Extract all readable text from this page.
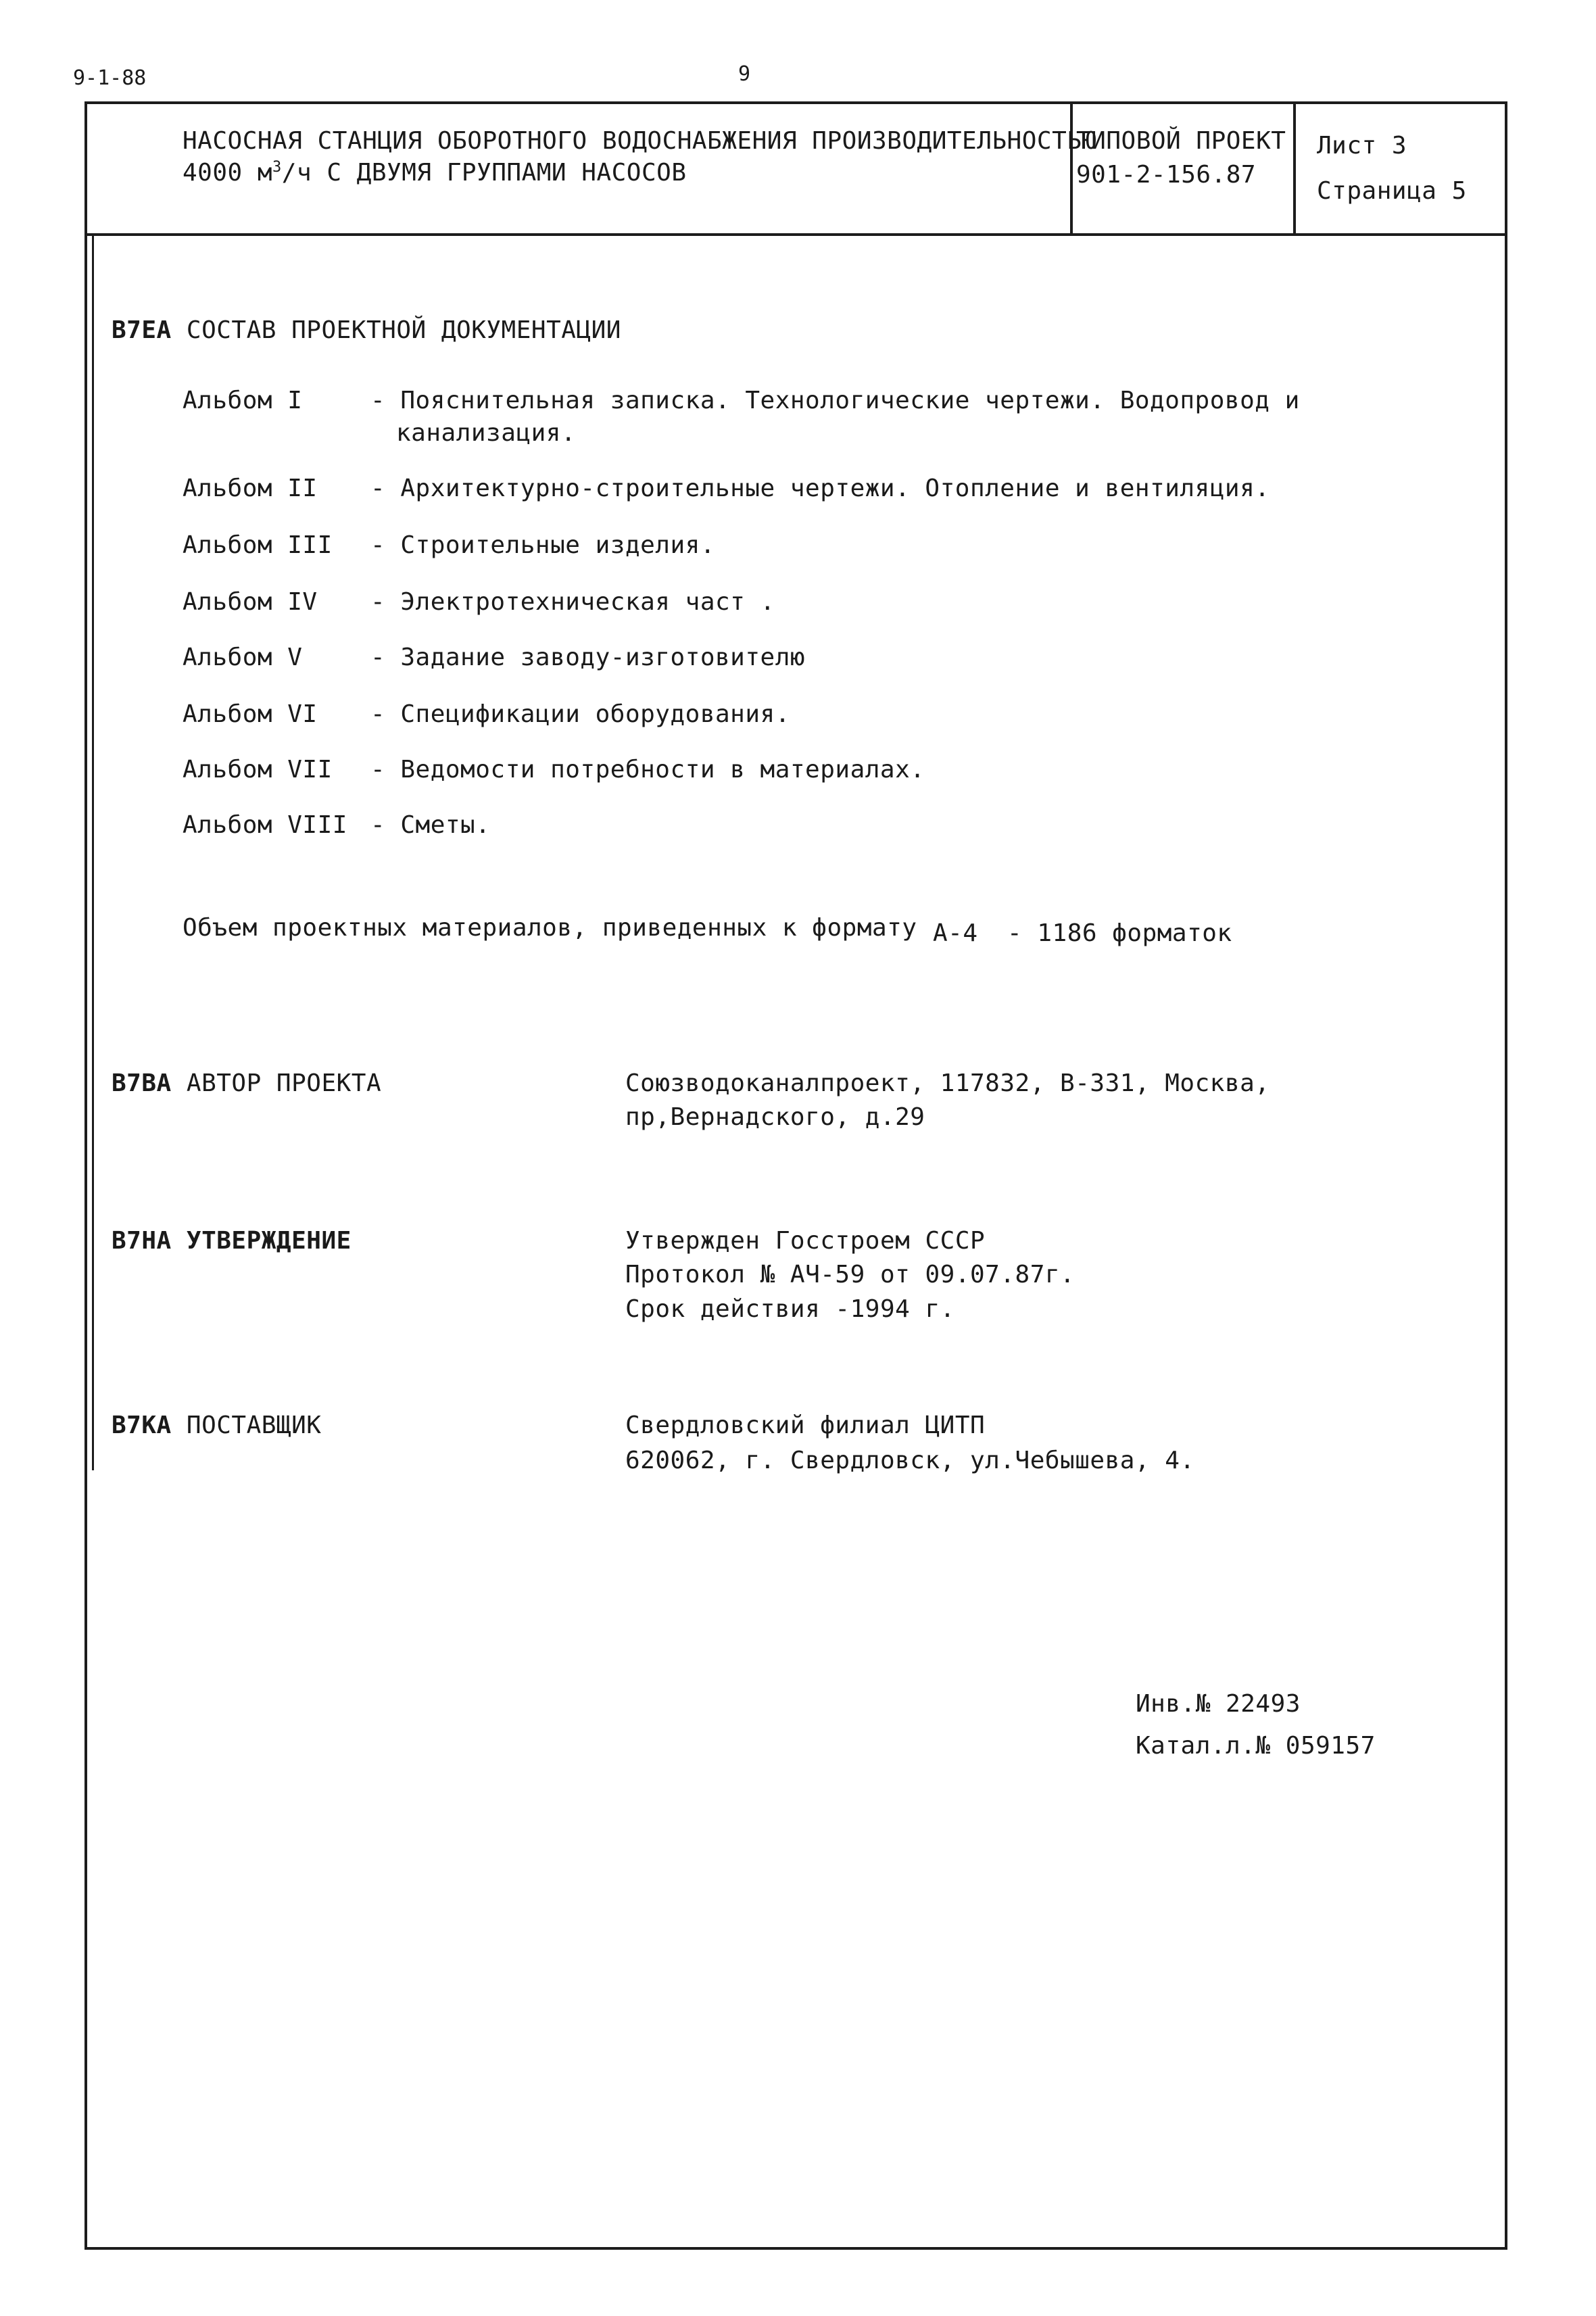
9-1-88	9
НАСОСНАЯ СТАНЦИЯ ОБОРОТНОГО ВОДОСНАБЖЕНИЯ ПРОИЗВОДИТЕЛЬНОСТЬЮ
4000 $м^3/ч$ С ДВУМЯ ГРУППАМИ НАСОСОВ
ТИПОВОЙ ПРОЕКТ
901-2-156.87
Лист 3
Страница 5
В7ЕА СОСТАВ ПРОЕКТНОЙ ДОКУМЕНТАЦИИ
Альбом I	- Пояснительная записка. Технологические чертежи. Водопровод и
канализация.
Альбом II - Архитектурно-строительные чертежи. Отопление и вентиляция.
Альбом III - Строительные изделия.
Альбом IV - Электротехническая част .
Альбом V	- Задание заводу-изготовителю
Альбом VI - Спецификации оборудования.
Альбом VII - Ведомости потребности в материалах.
Альбом VIII - Сметы.
Объем проектных материалов, приведенных к формату А-4 - 1186 форматок
В7ВА АВТОР ПРОЕКТА	Союзводоканалпроект, 117832, В-331, Москва,
пр,Вернадского, д.29
В7НА УТВЕРЖДЕНИЕ	Утвержден Госстроем СССР
Протокол № АЧ-59 от 09.07.87г.
Срок действия -1994 г.
В7КА ПОСТАВЩИК	Свердловский филиал ЦИТП
620062, г. Свердловск, ул.Чебышева, 4.
Инв.№ 22493
Катал.л.№ 059157
